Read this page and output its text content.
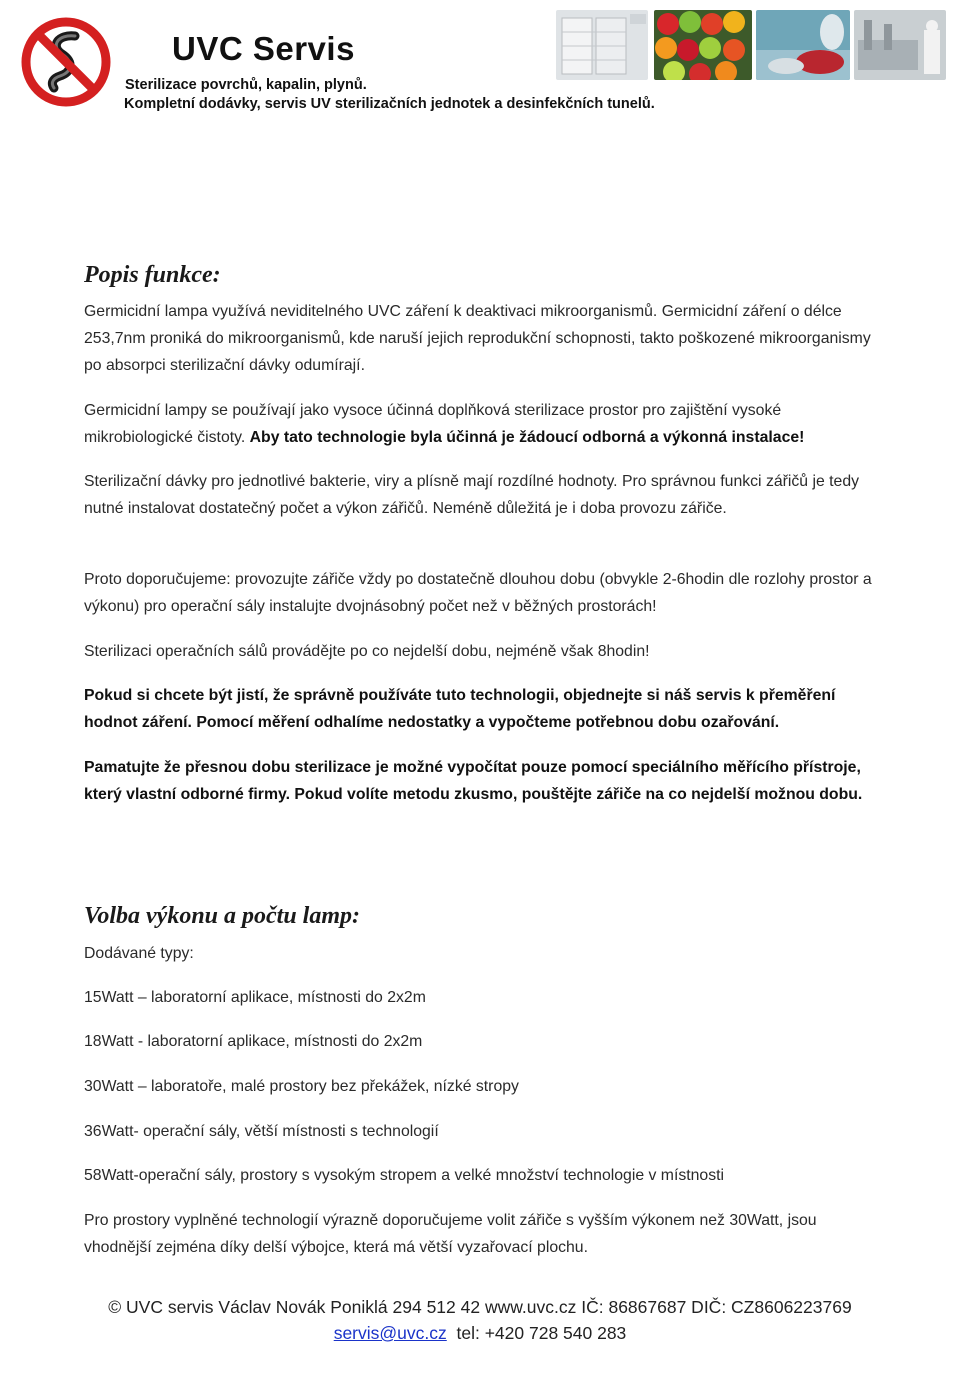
UVC Servis
Sterilizace povrchů, kapalin, plynů.
Kompletní dodávky, servis UV sterilizačních jednotek a desinfekčních tunelů.
Popis funkce:

Germicidní lampa využívá neviditelného UVC záření k deaktivaci mikroorganismů. Germicidní záření o délce 253,7nm proniká do mikroorganismů, kde naruší jejich reprodukční schopnosti, takto poškozené mikroorganismy po absorpci sterilizační dávky odumírají.

Germicidní lampy se používají jako vysoce účinná doplňková sterilizace prostor pro zajištění vysoké mikrobiologické čistoty. Aby tato technologie byla účinná je žádoucí odborná a výkonná instalace!

Sterilizační dávky pro jednotlivé bakterie, viry a plísně mají rozdílné hodnoty. Pro správnou funkci zářičů je tedy nutné instalovat dostatečný počet a výkon zářičů. Neméně důležitá je i doba provozu zářiče.

Proto doporučujeme: provozujte zářiče vždy po dostatečně dlouhou dobu (obvykle 2-6hodin dle rozlohy prostor a výkonu) pro operační sály instalujte dvojnásobný počet než v běžných prostorách!

Sterilizaci operačních sálů provádějte po co nejdelší dobu, nejméně však 8hodin!

Pokud si chcete být jistí, že správně používáte tuto technologii, objednejte si náš servis k přeměření hodnot záření. Pomocí měření odhalíme nedostatky a vypočteme potřebnou dobu ozařování.

Pamatujte že přesnou dobu sterilizace je možné vypočítat pouze pomocí speciálního měřícího přístroje, který vlastní odborné firmy. Pokud volíte metodu zkusmo, pouštějte zářiče na co nejdelší možnou dobu.

Volba výkonu a počtu lamp:

Dodávané typy:

15Watt – laboratorní aplikace, místnosti do 2x2m

18Watt - laboratorní aplikace, místnosti do 2x2m

30Watt – laboratoře, malé prostory bez překážek, nízké stropy

36Watt- operační sály, větší místnosti s technologií

58Watt-operační sály, prostory s vysokým stropem a velké množství technologie v místnosti

Pro prostory vyplněné technologií výrazně doporučujeme volit zářiče s vyšším výkonem než 30Watt, jsou vhodnější zejména díky delší výbojce, která má větší vyzařovací plochu.

© UVC servis Václav Novák Poniklá 294 512 42 www.uvc.cz IČ: 86867687 DIČ: CZ8606223769
servis@uvc.cz  tel: +420 728 540 283
